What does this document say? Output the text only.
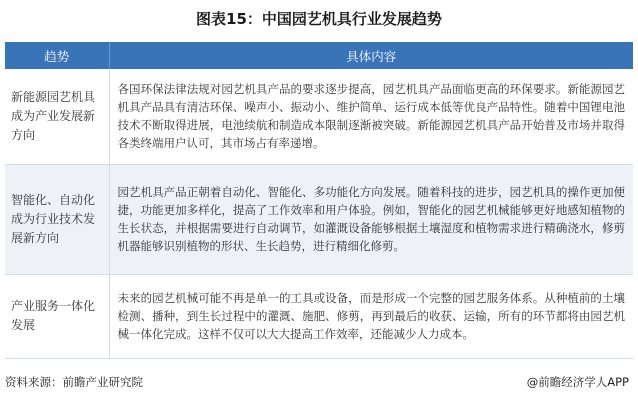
图表15：中国园艺机具行业发展趋势
趋势	具体内容
新能源园艺机具成为产业发展新方向	各国环保法律法规对园艺机具产品的要求逐步提高，园艺机具产品面临更高的环保要求。新能源园艺机具产品具有清洁环保、噪声小、振动小、维护简单、运行成本低等优良产品特性。随着中国锂电池技术不断取得进展，电池续航和制造成本限制逐渐被突破。新能源园艺机具产品开始普及市场并取得各类终端用户认可，其市场占有率递增。
智能化、自动化成为行业技术发展新方向	园艺机具产品正朝着自动化、智能化、多功能化方向发展。随着科技的进步，园艺机具的操作更加便捷，功能更加多样化，提高了工作效率和用户体验。例如，智能化的园艺机械能够更好地感知植物的生长状态，并根据需要进行自动调节，如灌溉设备能够根据土壤湿度和植物需求进行精确浇水，修剪机器能够识别植物的形状、生长趋势，进行精细化修剪。
产业服务一体化发展	未来的园艺机械可能不再是单一的工具或设备，而是形成一个完整的园艺服务体系。从种植前的土壤检测、播种，到生长过程中的灌溉、施肥、修剪，再到最后的收获、运输，所有的环节都将由园艺机械一体化完成。这样不仅可以大大提高工作效率，还能减少人力成本。
资料来源：前瞻产业研究院	@前瞻经济学人APP
